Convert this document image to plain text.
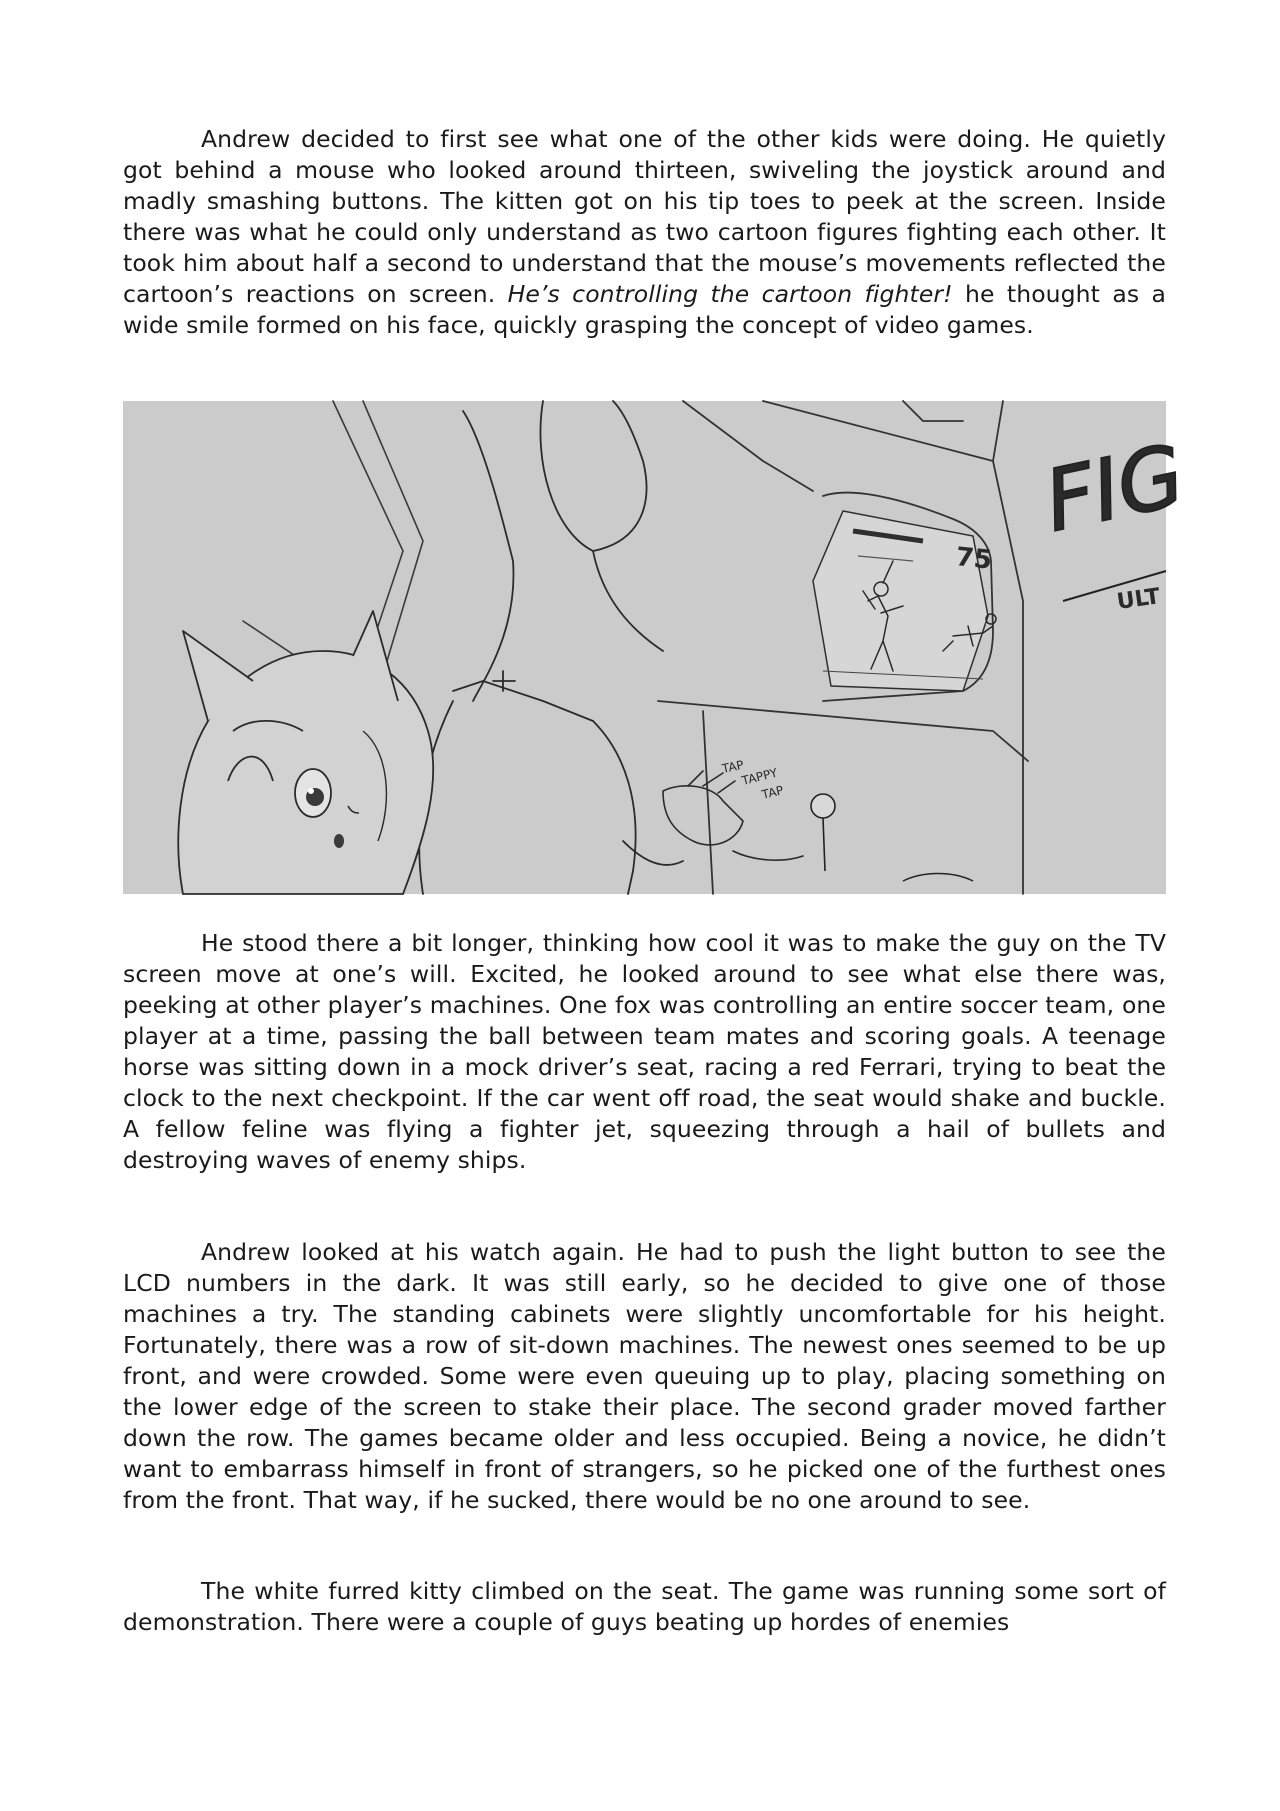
Andrew decided to first see what one of the other kids were doing. He quietly got behind a mouse who looked around thirteen, swiveling the joystick around and madly smashing buttons. The kitten got on his tip toes to peek at the screen. Inside there was what he could only understand as two cartoon figures fighting each other. It took him about half a second to understand that the mouse’s movements reflected the cartoon’s reactions on screen. He’s controlling the cartoon fighter! he thought as a wide smile formed on his face, quickly grasping the concept of video games.

75
FIG
ULT
TAP
TAPPY
TAP

He stood there a bit longer, thinking how cool it was to make the guy on the TV screen move at one’s will. Excited, he looked around to see what else there was, peeking at other player’s machines. One fox was controlling an entire soccer team, one player at a time, passing the ball between team mates and scoring goals. A teenage horse was sitting down in a mock driver’s seat, racing a red Ferrari, trying to beat the clock to the next checkpoint. If the car went off road, the seat would shake and buckle. A fellow feline was flying a fighter jet, squeezing through a hail of bullets and destroying waves of enemy ships.

Andrew looked at his watch again. He had to push the light button to see the LCD numbers in the dark. It was still early, so he decided to give one of those machines a try. The standing cabinets were slightly uncomfortable for his height. Fortunately, there was a row of sit-down machines. The newest ones seemed to be up front, and were crowded. Some were even queuing up to play, placing something on the lower edge of the screen to stake their place. The second grader moved farther down the row. The games became older and less occupied. Being a novice, he didn’t want to embarrass himself in front of strangers, so he picked one of the furthest ones from the front. That way, if he sucked, there would be no one around to see.

The white furred kitty climbed on the seat. The game was running some sort of demonstration. There were a couple of guys beating up hordes of enemies
